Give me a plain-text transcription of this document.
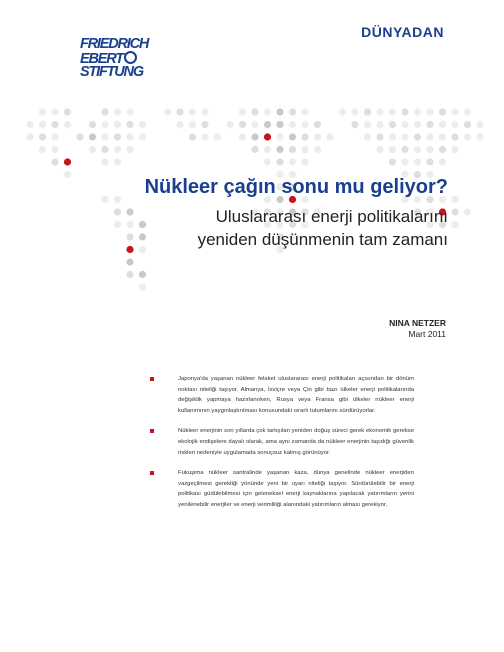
DÜNYADAN
FRIEDRICH
EBERT
STIFTUNG
Nükleer çağın sonu mu geliyor?
Uluslararası enerji politikalarını
yeniden düşünmenin tam zamanı
NINA NETZER
Mart 2011
Japonya'da yaşanan nükleer felaket uluslararası enerji politikaları açısından bir dönüm noktası niteliği taşıyor. Almanya, İsviçre veya Çin gibi bazı ülkeler enerji politikalarında değişiklik yapmaya hazırlanırken, Rusya veya Fransa gibi ülkeler nükleer enerji kullanımının yaygınlaştırılması konusundaki ısrarlı tutumlarını sürdürüyorlar.
Nükleer enerjinin son yıllarda çok tartışılan yeniden doğuş süreci gerek ekonomik gerekse ekolojik endişelere dayalı olarak, ama aynı zamanda da nükleer enerjinin taşıdığı güvenlik riskleri nedeniyle uygulamada sonuçsuz kalmış görünüyor.
Fukuşima nükleer santralinde yaşanan kaza, dünya genelinde nükleer enerjiden vazgeçilmesi gerektiği yönünde yeni bir uyarı niteliği taşıyor. Sürdürülebilir bir enerji politikası güdülebilmesi için geleneksel enerji kaynaklarına yapılacak yatırımların yerini yenilenebilir enerjiler ve enerji verimliliği alanındaki yatırımların alması gerekiyor.
